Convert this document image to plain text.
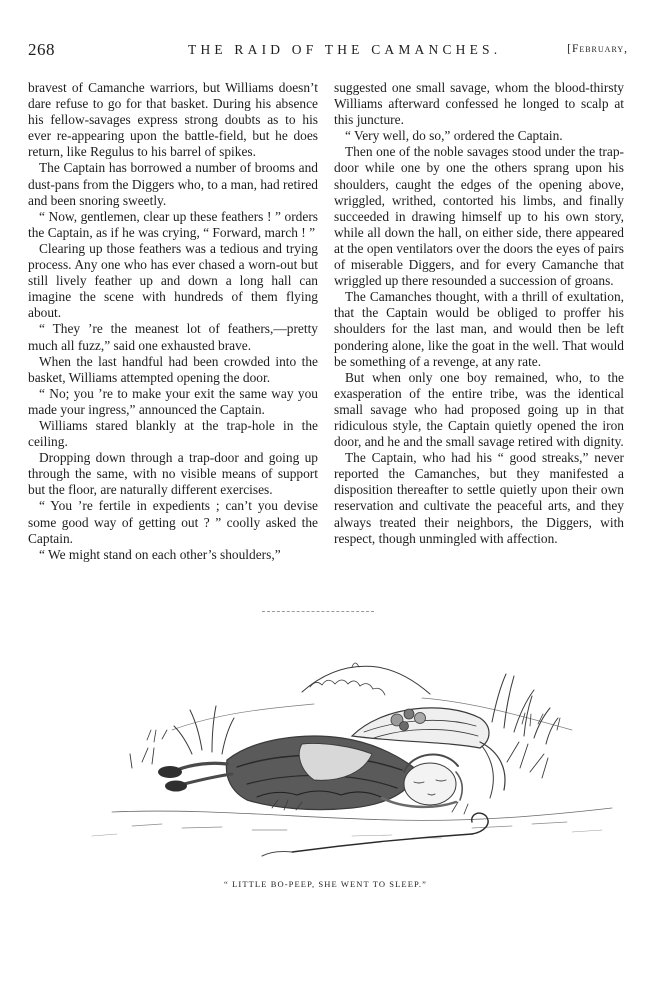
268	THE RAID OF THE CAMANCHES.	[February,

bravest of Camanche warriors, but Williams doesn’t dare refuse to go for that basket. During his absence his fellow-savages express strong doubts as to his ever re-appearing upon the battle-field, but he does return, like Regulus to his barrel of spikes.

The Captain has borrowed a number of brooms and dust-pans from the Diggers who, to a man, had retired and been snoring sweetly.

“ Now, gentlemen, clear up these feathers ! ” orders the Captain, as if he was crying, “ Forward, march ! ”

Clearing up those feathers was a tedious and trying process. Any one who has ever chased a worn-out but still lively feather up and down a long hall can imagine the scene with hundreds of them flying about.

“ They ’re the meanest lot of feathers,—pretty much all fuzz,” said one exhausted brave.

When the last handful had been crowded into the basket, Williams attempted opening the door.

“ No; you ’re to make your exit the same way you made your ingress,” announced the Captain.

Williams stared blankly at the trap-hole in the ceiling.

Dropping down through a trap-door and going up through the same, with no visible means of support but the floor, are naturally different exercises.

“ You ’re fertile in expedients ; can’t you devise some good way of getting out ? ” coolly asked the Captain.

“ We might stand on each other’s shoulders,”

suggested one small savage, whom the blood-thirsty Williams afterward confessed he longed to scalp at this juncture.

“ Very well, do so,” ordered the Captain.

Then one of the noble savages stood under the trap-door while one by one the others sprang upon his shoulders, caught the edges of the opening above, wriggled, writhed, contorted his limbs, and finally succeeded in drawing himself up to his own story, while all down the hall, on either side, there appeared at the open ventilators over the doors the eyes of pairs of miserable Diggers, and for every Camanche that wriggled up there resounded a succession of groans.

The Camanches thought, with a thrill of exultation, that the Captain would be obliged to proffer his shoulders for the last man, and would then be left pondering alone, like the goat in the well. That would be something of a revenge, at any rate.

But when only one boy remained, who, to the exasperation of the entire tribe, was the identical small savage who had proposed going up in that ridiculous style, the Captain quietly opened the iron door, and he and the small savage retired with dignity.

The Captain, who had his “ good streaks,” never reported the Camanches, but they manifested a disposition thereafter to settle quietly upon their own reservation and cultivate the peaceful arts, and they always treated their neighbors, the Diggers, with respect, though unmingled with affection.

“ LITTLE BO-PEEP, SHE WENT TO SLEEP.”
